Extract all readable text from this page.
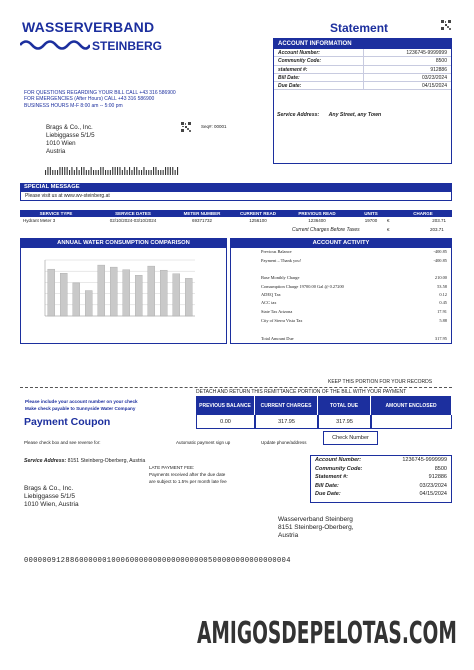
WASSERVERBAND
STEINBERG
FOR QUESTIONS REGARDING YOUR BILL CALL +43 316 586900
FOR EMERGENCIES (After Hours) CALL +43 316 586900
BUSINESS HOURS M-F 8:00 am -- 5:00 pm
Brags & Co., Inc.
Liebiggasse 5/1/5
1010 Wien
Austria
Seq#: 00001
Statement
ACCOUNT INFORMATION
Account Number:	1236745-9999999
Community Code:	8500
statement #:	912886
Bill Date:	03/23/2024
Due Date:	04/15/2024
Service Address: Any Street, any Town
SPECIAL MESSAGE
Please visit us at www.wv-steinberg.at
SERVICE TYPE	SERVICE DATES	METER NUMBER	CURRENT READ	PREVIOUS READ	UNITS	CHARGE
Hydrant Meter 3	02/10/2024-03/10/2024	69371732	1256100	1236400	19700	203.71
€
Current Charges Before Taxes	€	203.71
ANNUAL WATER CONSUMPTION COMPARISON	ACCOUNT ACTIVITY
Previous Balance	-400.85
Payment – Thank you!	-400.85
Base Monthly Charge	210.00
Consumption Charge 19700.00 Gal @ 0.27200	53.58
ADEQ Tax	0.12
ACC tax	0.45
State Tax Arizona	17.91
City of Sierra Vista Tax	5.88
Total Amount Due	317.95
KEEP THIS PORTION FOR YOUR RECORDS
DETACH AND RETURN THIS REMITTANCE PORTION OF THE BILL WITH YOUR PAYMENT
Please include your account number on your check
Make check payable to Sunnyside Water Company
Payment Coupon
PREVIOUS BALANCE	CURRENT CHARGES	TOTAL DUE	AMOUNT ENCLOSED
0.00	317.95	317.95
Please check box and see reverse for:	Automatic payment sign up	Update phone/address
Check Number
Service Address: 8151 Steinberg-Oberberg, Austria
LATE PAYMENT FEE:
Payments received after the due date
are subject to 1.5% per month late fee
Brags & Co., Inc.
Liebiggasse 5/1/5
1010 Wien, Austria
Account Number:	1236745-9999999
Community Code:	8500
Statement #:	912886
Bill Date:	03/23/2024
Due Date:	04/15/2024
Wasserverband Steinberg
8151 Steinberg-Oberberg,
Austria
0000009128860000001000600000000000000000500000000000000004
AMIGOSDEPELOTAS.COM
